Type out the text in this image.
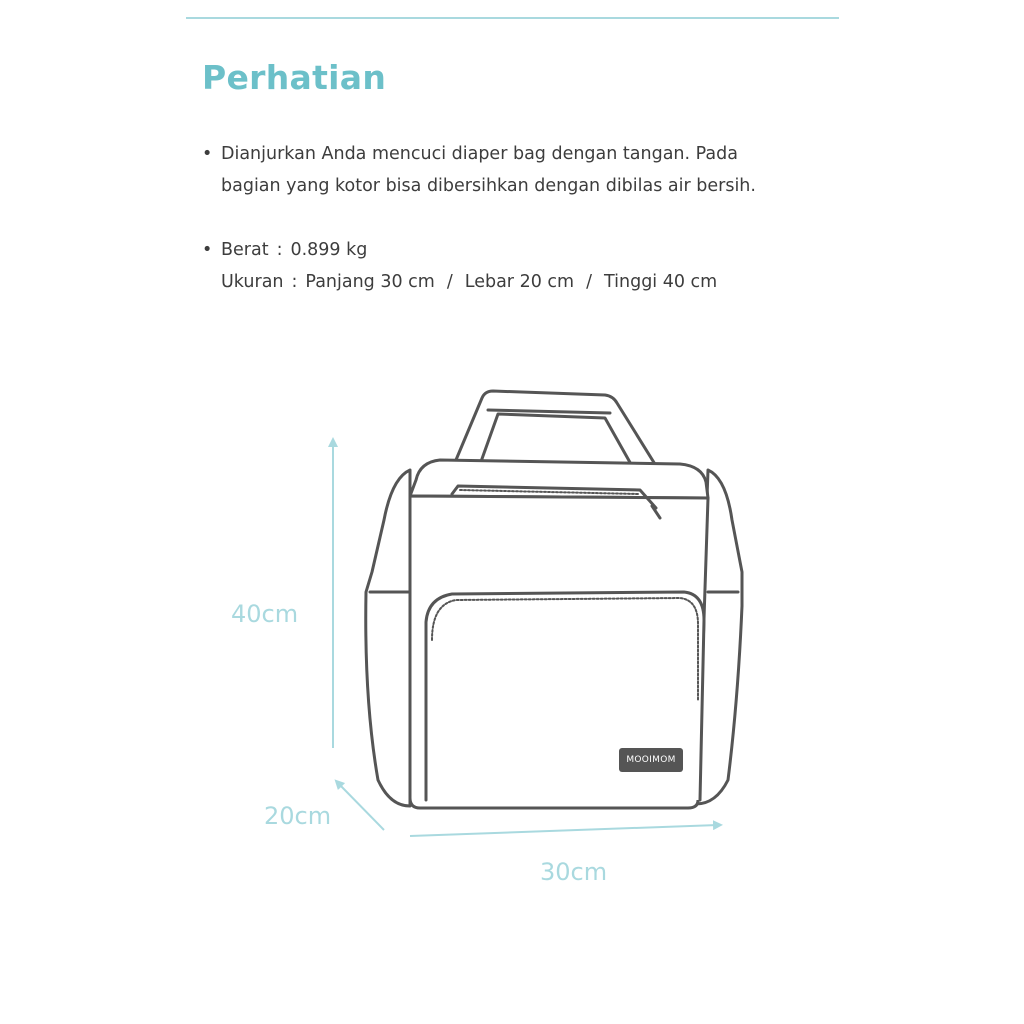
Perhatian
• Dianjurkan Anda mencuci diaper bag dengan tangan. Pada
bagian yang kotor bisa dibersihkan dengan dibilas air bersih.
• Berat : 0.899 kg
Ukuran : Panjang 30 cm / Lebar 20 cm / Tinggi 40 cm
MOOIMOM
40cm
20cm
30cm
